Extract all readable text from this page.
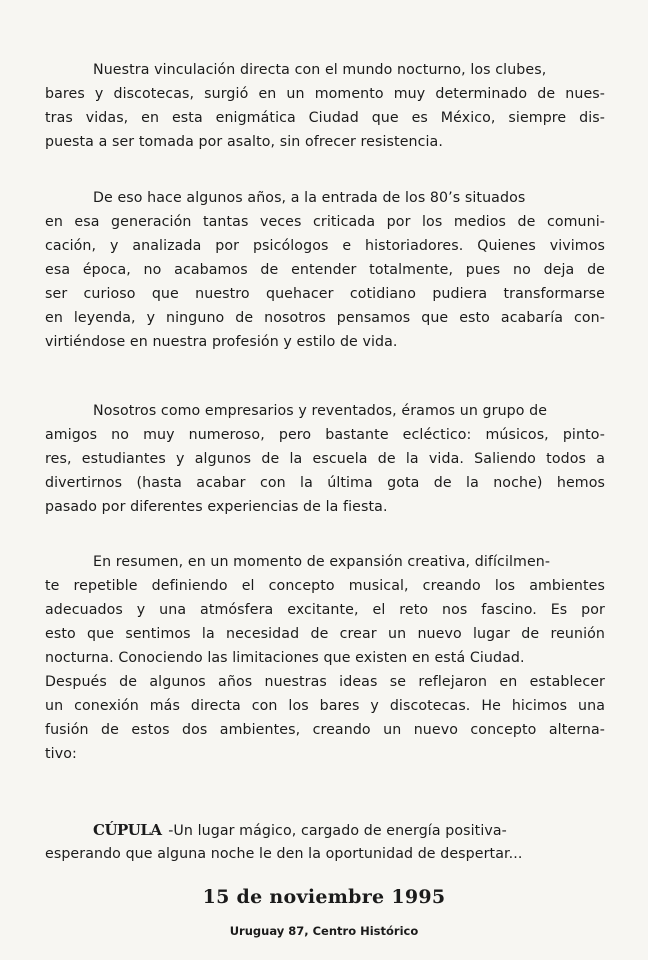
Nuestra vinculación directa con el mundo nocturno, los clubes,
bares y discotecas, surgió en un momento muy determinado de nues-
tras vidas, en esta enigmática Ciudad que es México, siempre dis-
puesta a ser tomada por asalto, sin ofrecer resistencia.
De eso hace algunos años, a la entrada de los 80’s situados
en esa generación tantas veces criticada por los medios de comuni-
cación, y analizada por psicólogos e historiadores. Quienes vivimos
esa época, no acabamos de entender totalmente, pues no deja de
ser curioso que nuestro quehacer cotidiano pudiera transformarse
en leyenda, y ninguno de nosotros pensamos que esto acabaría con-
virtiéndose en nuestra profesión y estilo de vida.
Nosotros como empresarios y reventados, éramos un grupo de
amigos no muy numeroso, pero bastante ecléctico: músicos, pinto-
res, estudiantes y algunos de la escuela de la vida. Saliendo todos a
divertirnos (hasta acabar con la última gota de la noche) hemos
pasado por diferentes experiencias de la fiesta.
En resumen, en un momento de expansión creativa, difícilmen-
te repetible definiendo el concepto musical, creando los ambientes
adecuados y una atmósfera excitante, el reto nos fascino. Es por
esto que sentimos la necesidad de crear un nuevo lugar de reunión
nocturna. Conociendo las limitaciones que existen en está Ciudad.
Después de algunos años nuestras ideas se reflejaron en establecer
un conexión más directa con los bares y discotecas. He hicimos una
fusión de estos dos ambientes, creando un nuevo concepto alterna-
tivo:
CÚPULA -Un lugar mágico, cargado de energía positiva-
esperando que alguna noche le den la oportunidad de despertar...
15 de noviembre 1995
Uruguay 87, Centro Histórico
